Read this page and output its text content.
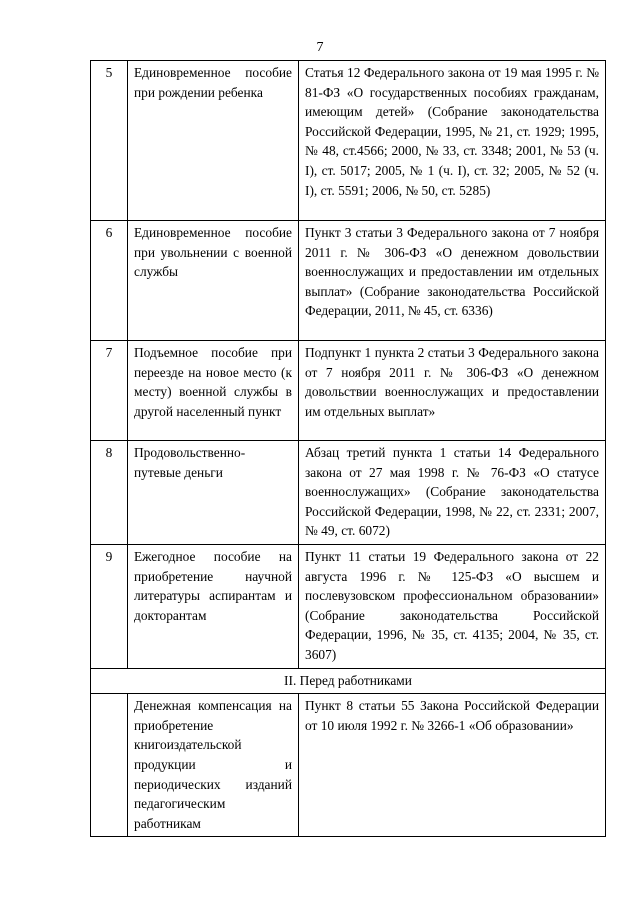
7
5	Единовременное пособие при рождении ребенка	Статья 12 Федерального закона от 19 мая 1995 г. № 81-ФЗ «О государственных пособиях гражданам, имеющим детей» (Собрание законодательства Российской Федерации, 1995, № 21, ст. 1929; 1995, № 48, ст.4566; 2000, № 33, ст. 3348; 2001, № 53 (ч. I), ст. 5017; 2005, № 1 (ч. I), ст. 32; 2005, № 52 (ч. I), ст. 5591; 2006, № 50, ст. 5285)
6	Единовременное пособие при увольнении с военной службы	Пункт 3 статьи 3 Федерального закона от 7 ноября 2011 г. № 306-ФЗ «О денежном довольствии военнослужащих и предоставлении им отдельных выплат» (Собрание законодательства Российской Федерации, 2011, № 45, ст. 6336)
7	Подъемное пособие при переезде на новое место (к месту) военной службы в другой населенный пункт	Подпункт 1 пункта 2 статьи 3 Федерального закона от 7 ноября 2011 г. № 306-ФЗ «О денежном довольствии военнослужащих и предоставлении им отдельных выплат»
8	Продовольственно-путевые деньги	Абзац третий пункта 1 статьи 14 Федерального закона от 27 мая 1998 г. № 76-ФЗ «О статусе военнослужащих» (Собрание законодательства Российской Федерации, 1998, № 22, ст. 2331; 2007, № 49, ст. 6072)
9	Ежегодное пособие на приобретение научной литературы аспирантам и докторантам	Пункт 11 статьи 19 Федерального закона от 22 августа 1996 г. № 125-ФЗ «О высшем и послевузовском профессиональном образовании» (Собрание законодательства Российской Федерации, 1996, № 35, ст. 4135; 2004, № 35, ст. 3607)
II. Перед работниками		
	Денежная компенсация на приобретение книгоиздательской продукции и периодических изданий педагогическим работникам	Пункт 8 статьи 55 Закона Российской Федерации от 10 июля 1992 г. № 3266-1 «Об образовании»
